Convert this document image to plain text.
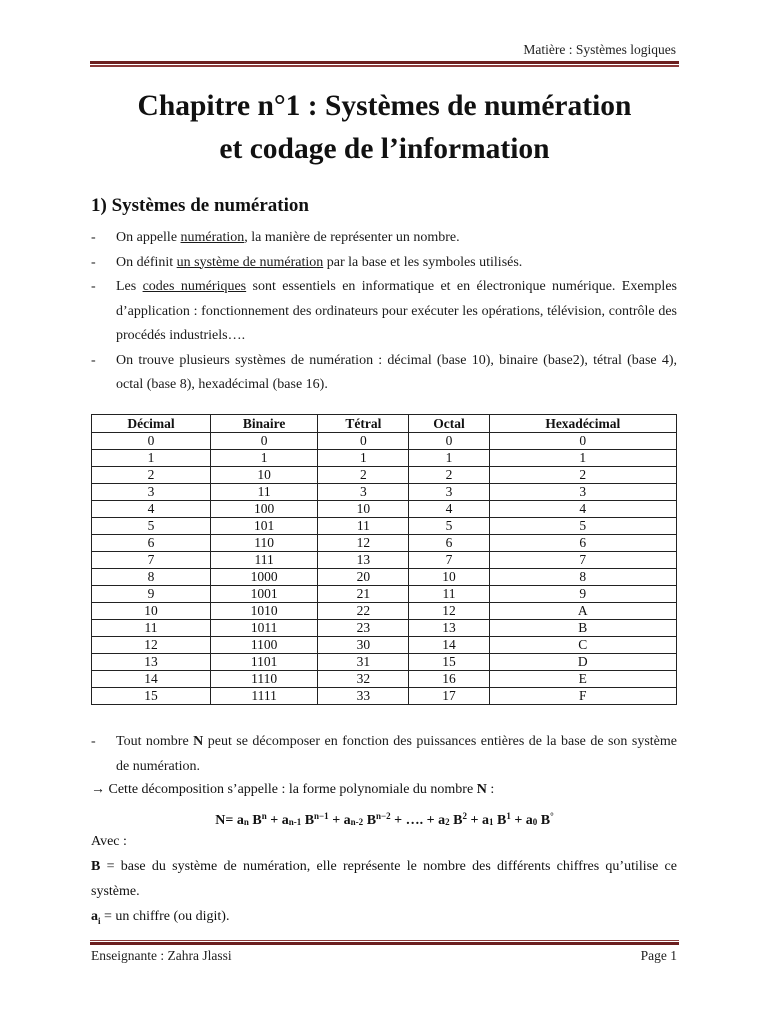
Matière : Systèmes logiques
Chapitre n°1 : Systèmes de numération
et codage de l’information
1) Systèmes de numération
- On appelle numération, la manière de représenter un nombre.
- On définit un système de numération par la base et les symboles utilisés.
- Les codes numériques sont essentiels en informatique et en électronique numérique. Exemples d’application : fonctionnement des ordinateurs pour exécuter les opérations, télévision, contrôle des procédés industriels….
- On trouve plusieurs systèmes de numération : décimal (base 10), binaire (base2), tétral (base 4), octal (base 8), hexadécimal (base 16).
Décimal	Binaire	Tétral	Octal	Hexadécimal
0	0	0	0	0
1	1	1	1	1
2	10	2	2	2
3	11	3	3	3
4	100	10	4	4
5	101	11	5	5
6	110	12	6	6
7	111	13	7	7
8	1000	20	10	8
9	1001	21	11	9
10	1010	22	12	A
11	1011	23	13	B
12	1100	30	14	C
13	1101	31	15	D
14	1110	32	16	E
15	1111	33	17	F
- Tout nombre N peut se décomposer en fonction des puissances entières de la base de son système de numération.
→ Cette décomposition s’appelle : la forme polynomiale du nombre N :
$N= a_n$ $B^n + a_{n-1}$ $B^{n-1} + a_{n-2}$ $B^{n-2}$ + …. + $a_2$ $B^2 + a_1$ $B^1 + a_0$ B°
Avec :
B = base du système de numération, elle représente le nombre des différents chiffres qu’utilise ce système.
$a_i$ = un chiffre (ou digit).
Enseignante : Zahra Jlassi	Page 1
